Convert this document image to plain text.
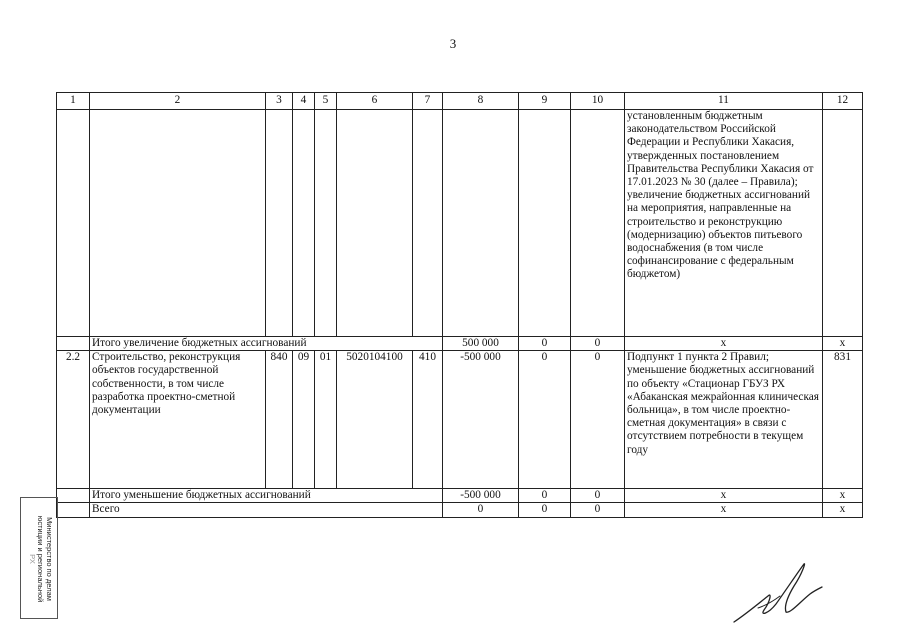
3
1	2	3	4	5	6	7	8	9	10	11	12
										установленным бюджетным законодательством Российской Федерации и Республики Хакасия, утвержденных постановлением Правительства Республики Хакасия от 17.01.2023 № 30 (далее – Правила); увеличение бюджетных ассигнований на мероприятия, направленные на строительство и реконструкцию (модернизацию) объектов питьевого водоснабжения (в том числе софинансирование с федеральным бюджетом)	
	Итого увеличение бюджетных ассигнований						500 000	0	0	x	x
2.2	Строительство, реконструкция объектов государственной собственности, в том числе разработка проектно-сметной документации	840	09	01	5020104100	410	-500 000	0	0	Подпункт 1 пункта 2 Правил; уменьшение бюджетных ассигнований по объекту «Стационар ГБУЗ РХ «Абаканская межрайонная клиническая больница», в том числе проектно-сметная документация» в связи с отсутствием потребности в текущем году	831
	Итого уменьшение бюджетных ассигнований						-500 000	0	0	x	x
	Всего						0	0	0	x	x
Министерство по делам
юстиции и региональной
РХ
